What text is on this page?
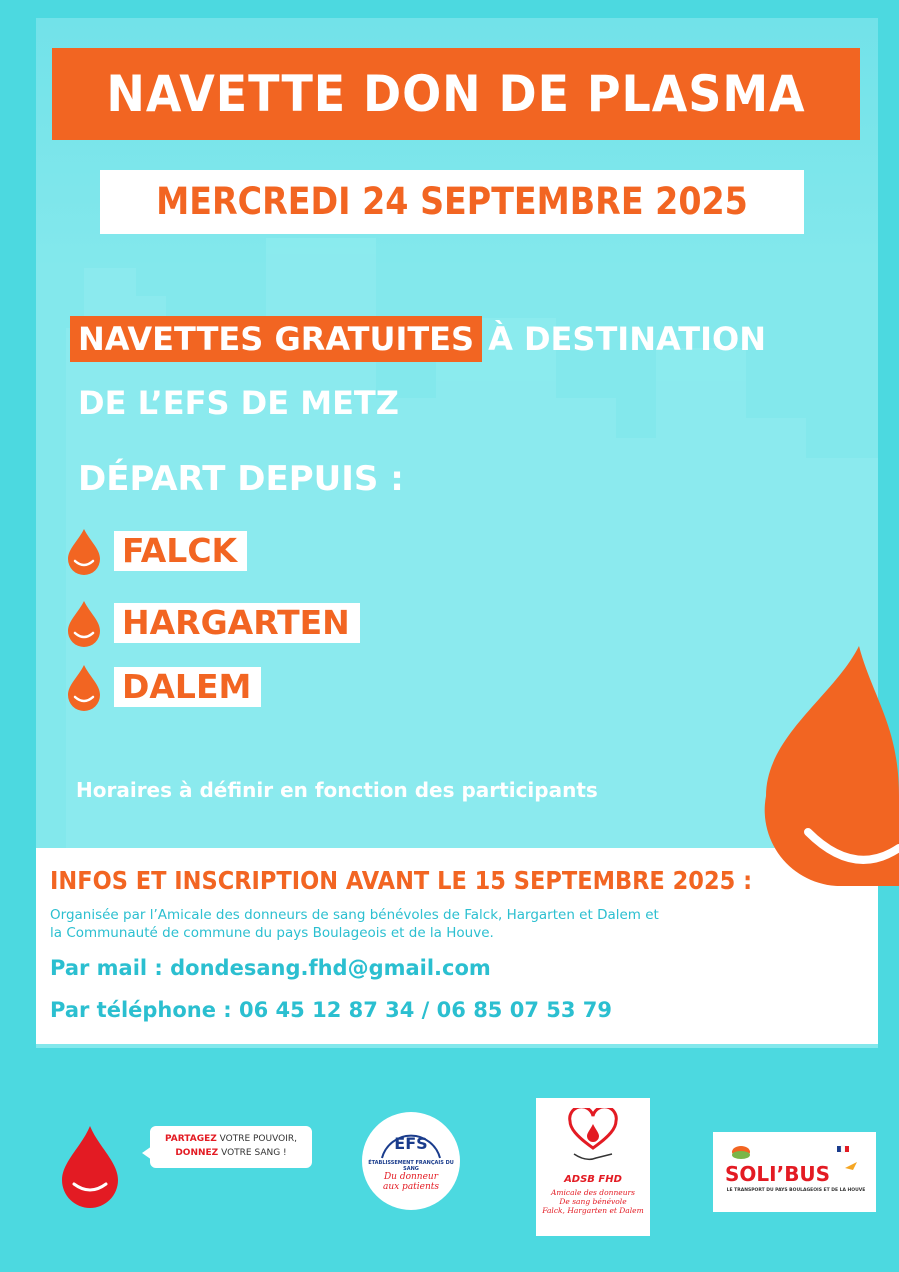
NAVETTE DON DE PLASMA
MERCREDI 24 SEPTEMBRE 2025
NAVETTES GRATUITES À DESTINATION
DE L’EFS DE METZ
DÉPART DEPUIS :
FALCK
HARGARTEN
DALEM
Horaires à définir en fonction des participants
INFOS ET INSCRIPTION AVANT LE 15 SEPTEMBRE 2025 :
Organisée par l’Amicale des donneurs de sang bénévoles de Falck, Hargarten et Dalem et
la Communauté de commune du pays Boulageois et de la Houve.
Par mail : dondesang.fhd@gmail.com
Par téléphone : 06 45 12 87 34 / 06 85 07 53 79
PARTAGEZ VOTRE POUVOIR,
DONNEZ VOTRE SANG !	EFS
ÉTABLISSEMENT FRANÇAIS DU SANG
Du donneur
aux patients
ADSB FHD
Amicale des donneurs
De sang bénévole
Falck, Hargarten et Dalem
SOLI’BUS
LE TRANSPORT DU PAYS BOULAGEOIS ET DE LA HOUVE
